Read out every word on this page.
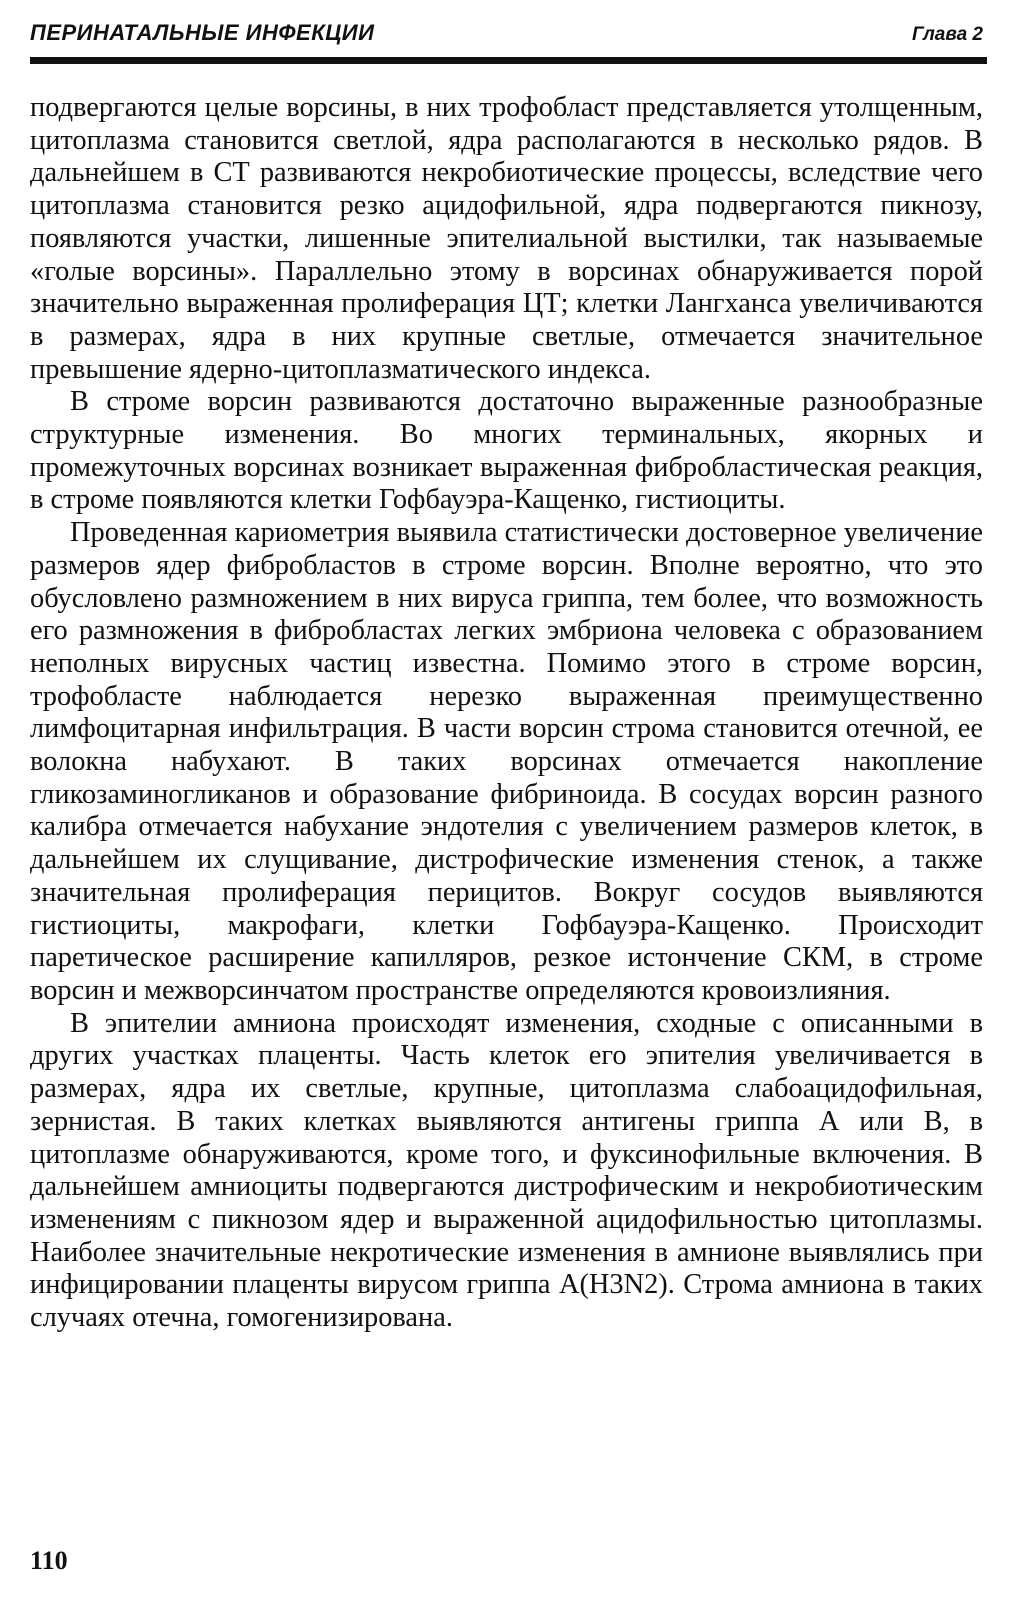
ПЕРИНАТАЛЬНЫЕ ИНФЕКЦИИ	Глава 2

подвергаются целые ворсины, в них трофобласт представляется утолщенным, цитоплазма становится светлой, ядра располагаются в несколько рядов. В дальнейшем в СТ развиваются некробиотические процессы, вследствие чего цитоплазма становится резко ацидофильной, ядра подвергаются пикнозу, появляются участки, лишенные эпителиальной выстилки, так называемые «голые ворсины». Параллельно этому в ворсинах обнаруживается порой значительно выраженная пролиферация ЦТ; клетки Лангханса увеличиваются в размерах, ядра в них крупные светлые, отмечается значительное превышение ядерно-цитоплазматического индекса.

В строме ворсин развиваются достаточно выраженные разнообразные структурные изменения. Во многих терминальных, якорных и промежуточных ворсинах возникает выраженная фибробластическая реакция, в строме появляются клетки Гофбауэра-Кащенко, гистиоциты.

Проведенная кариометрия выявила статистически достоверное увеличение размеров ядер фибробластов в строме ворсин. Вполне вероятно, что это обусловлено размножением в них вируса гриппа, тем более, что возможность его размножения в фибробластах легких эмбриона человека с образованием неполных вирусных частиц известна. Помимо этого в строме ворсин, трофобласте наблюдается нерезко выраженная преимущественно лимфоцитарная инфильтрация. В части ворсин строма становится отечной, ее волокна набухают. В таких ворсинах отмечается накопление гликозаминогликанов и образование фибриноида. В сосудах ворсин разного калибра отмечается набухание эндотелия с увеличением размеров клеток, в дальнейшем их слущивание, дистрофические изменения стенок, а также значительная пролиферация перицитов. Вокруг сосудов выявляются гистиоциты, макрофаги, клетки Гофбауэра-Кащенко. Происходит паретическое расширение капилляров, резкое истончение СКМ, в строме ворсин и межворсинчатом пространстве определяются кровоизлияния.

В эпителии амниона происходят изменения, сходные с описанными в других участках плаценты. Часть клеток его эпителия увеличивается в размерах, ядра их светлые, крупные, цитоплазма слабоацидофильная, зернистая. В таких клетках выявляются антигены гриппа А или В, в цитоплазме обнаруживаются, кроме того, и фуксинофильные включения. В дальнейшем амниоциты подвергаются дистрофическим и некробиотическим изменениям с пикнозом ядер и выраженной ацидофильностью цитоплазмы. Наиболее значительные некротические изменения в амнионе выявлялись при инфицировании плаценты вирусом гриппа А(H3N2). Строма амниона в таких случаях отечна, гомогенизирована.

110
